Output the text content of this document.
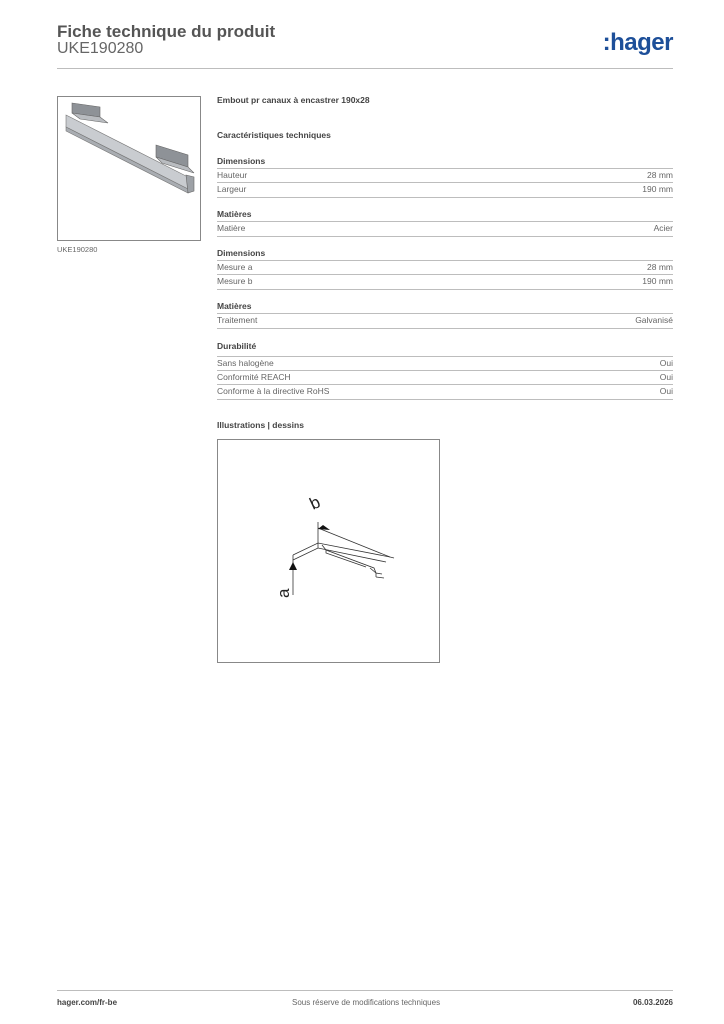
Fiche technique du produit
UKE190280	:hager
UKE190280
Embout pr canaux à encastrer 190x28
Caractéristiques techniques
Dimensions
Hauteur	28 mm
Largeur	190 mm
Matières
Matière	Acier
Dimensions
Mesure a	28 mm
Mesure b	190 mm
Matières
Traitement	Galvanisé
Durabilité
Sans halogène	Oui
Conformité REACH	Oui
Conforme à la directive RoHS	Oui
Illustrations | dessins
a
b
hager.com/fr-be	Sous réserve de modifications techniques	06.03.2026
